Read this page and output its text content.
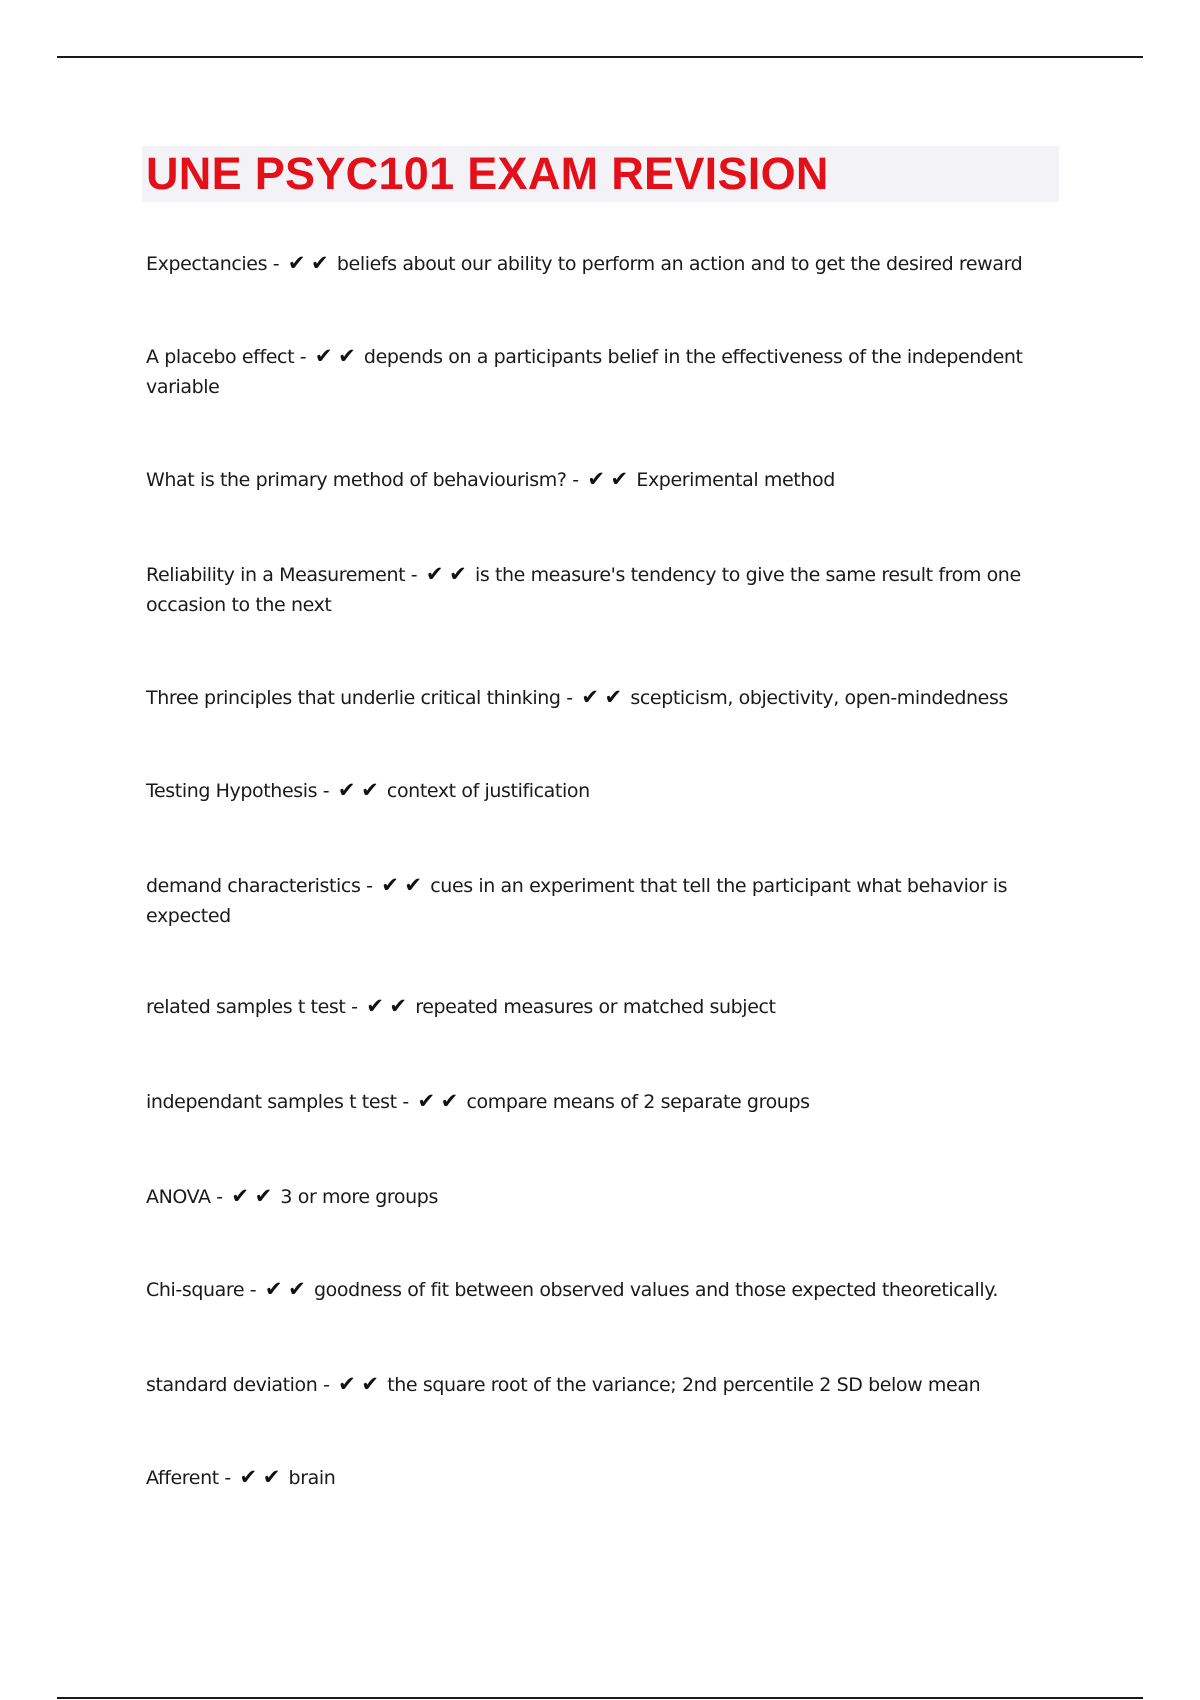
UNE PSYC101 EXAM REVISION
Expectancies - ✔ ✔ beliefs about our ability to perform an action and to get the desired reward
A placebo effect - ✔ ✔ depends on a participants belief in the effectiveness of the independent variable
What is the primary method of behaviourism? - ✔ ✔ Experimental method
Reliability in a Measurement - ✔ ✔ is the measure's tendency to give the same result from one occasion to the next
Three principles that underlie critical thinking - ✔ ✔ scepticism, objectivity, open-mindedness
Testing Hypothesis - ✔ ✔ context of justification
demand characteristics - ✔ ✔ cues in an experiment that tell the participant what behavior is expected
related samples t test - ✔ ✔ repeated measures or matched subject
independant samples t test - ✔ ✔ compare means of 2 separate groups
ANOVA - ✔ ✔ 3 or more groups
Chi-square - ✔ ✔ goodness of fit between observed values and those expected theoretically.
standard deviation - ✔ ✔ the square root of the variance; 2nd percentile 2 SD below mean
Afferent - ✔ ✔ brain
